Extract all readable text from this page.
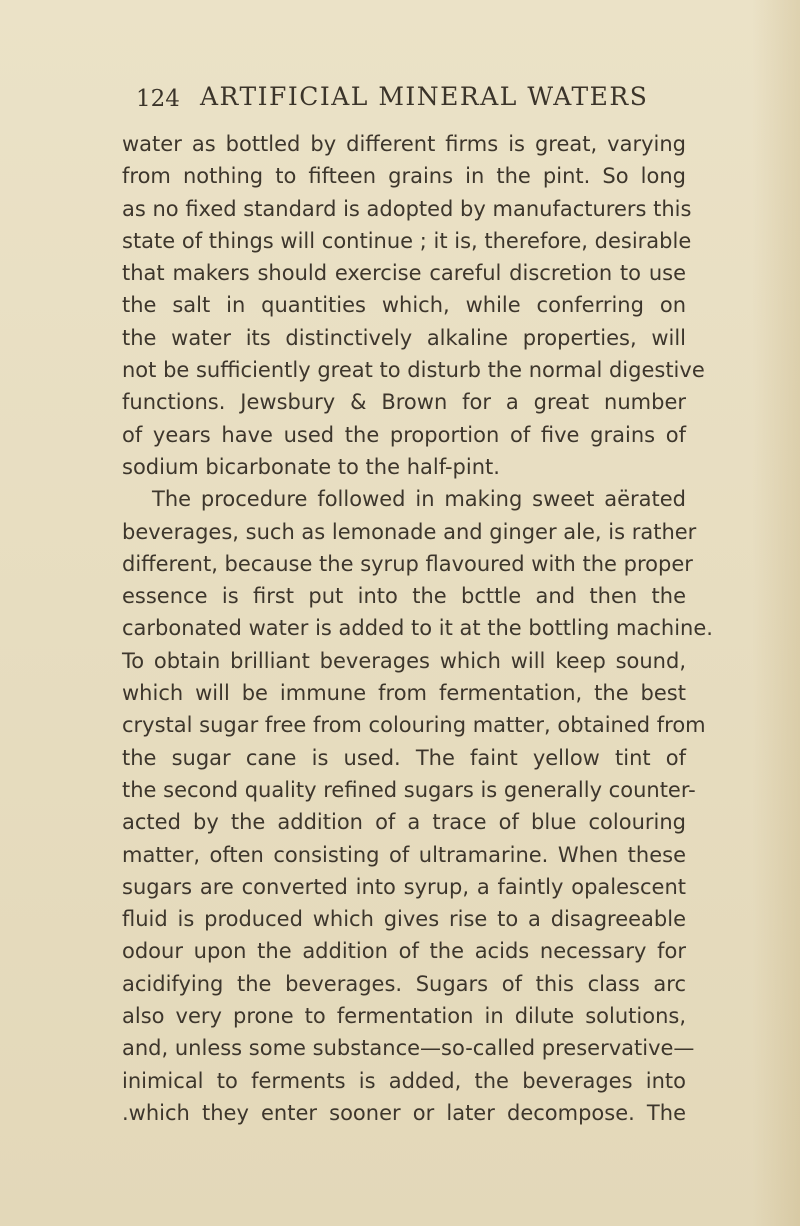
124 ARTIFICIAL MINERAL WATERS
water as bottled by different firms is great, varying
from nothing to fifteen grains in the pint. So long
as no fixed standard is adopted by manufacturers this
state of things will continue ; it is, therefore, desirable
that makers should exercise careful discretion to use
the salt in quantities which, while conferring on
the water its distinctively alkaline properties, will
not be sufficiently great to disturb the normal digestive
functions. Jewsbury & Brown for a great number
of years have used the proportion of five grains of
sodium bicarbonate to the half-pint.
The procedure followed in making sweet aërated
beverages, such as lemonade and ginger ale, is rather
different, because the syrup flavoured with the proper
essence is first put into the bcttle and then the
carbonated water is added to it at the bottling machine.
To obtain brilliant beverages which will keep sound,
which will be immune from fermentation, the best
crystal sugar free from colouring matter, obtained from
the sugar cane is used. The faint yellow tint of
the second quality refined sugars is generally counter-
acted by the addition of a trace of blue colouring
matter, often consisting of ultramarine. When these
sugars are converted into syrup, a faintly opalescent
fluid is produced which gives rise to a disagreeable
odour upon the addition of the acids necessary for
acidifying the beverages. Sugars of this class arc
also very prone to fermentation in dilute solutions,
and, unless some substance—so-called preservative—
inimical to ferments is added, the beverages into
.which they enter sooner or later decompose. The
